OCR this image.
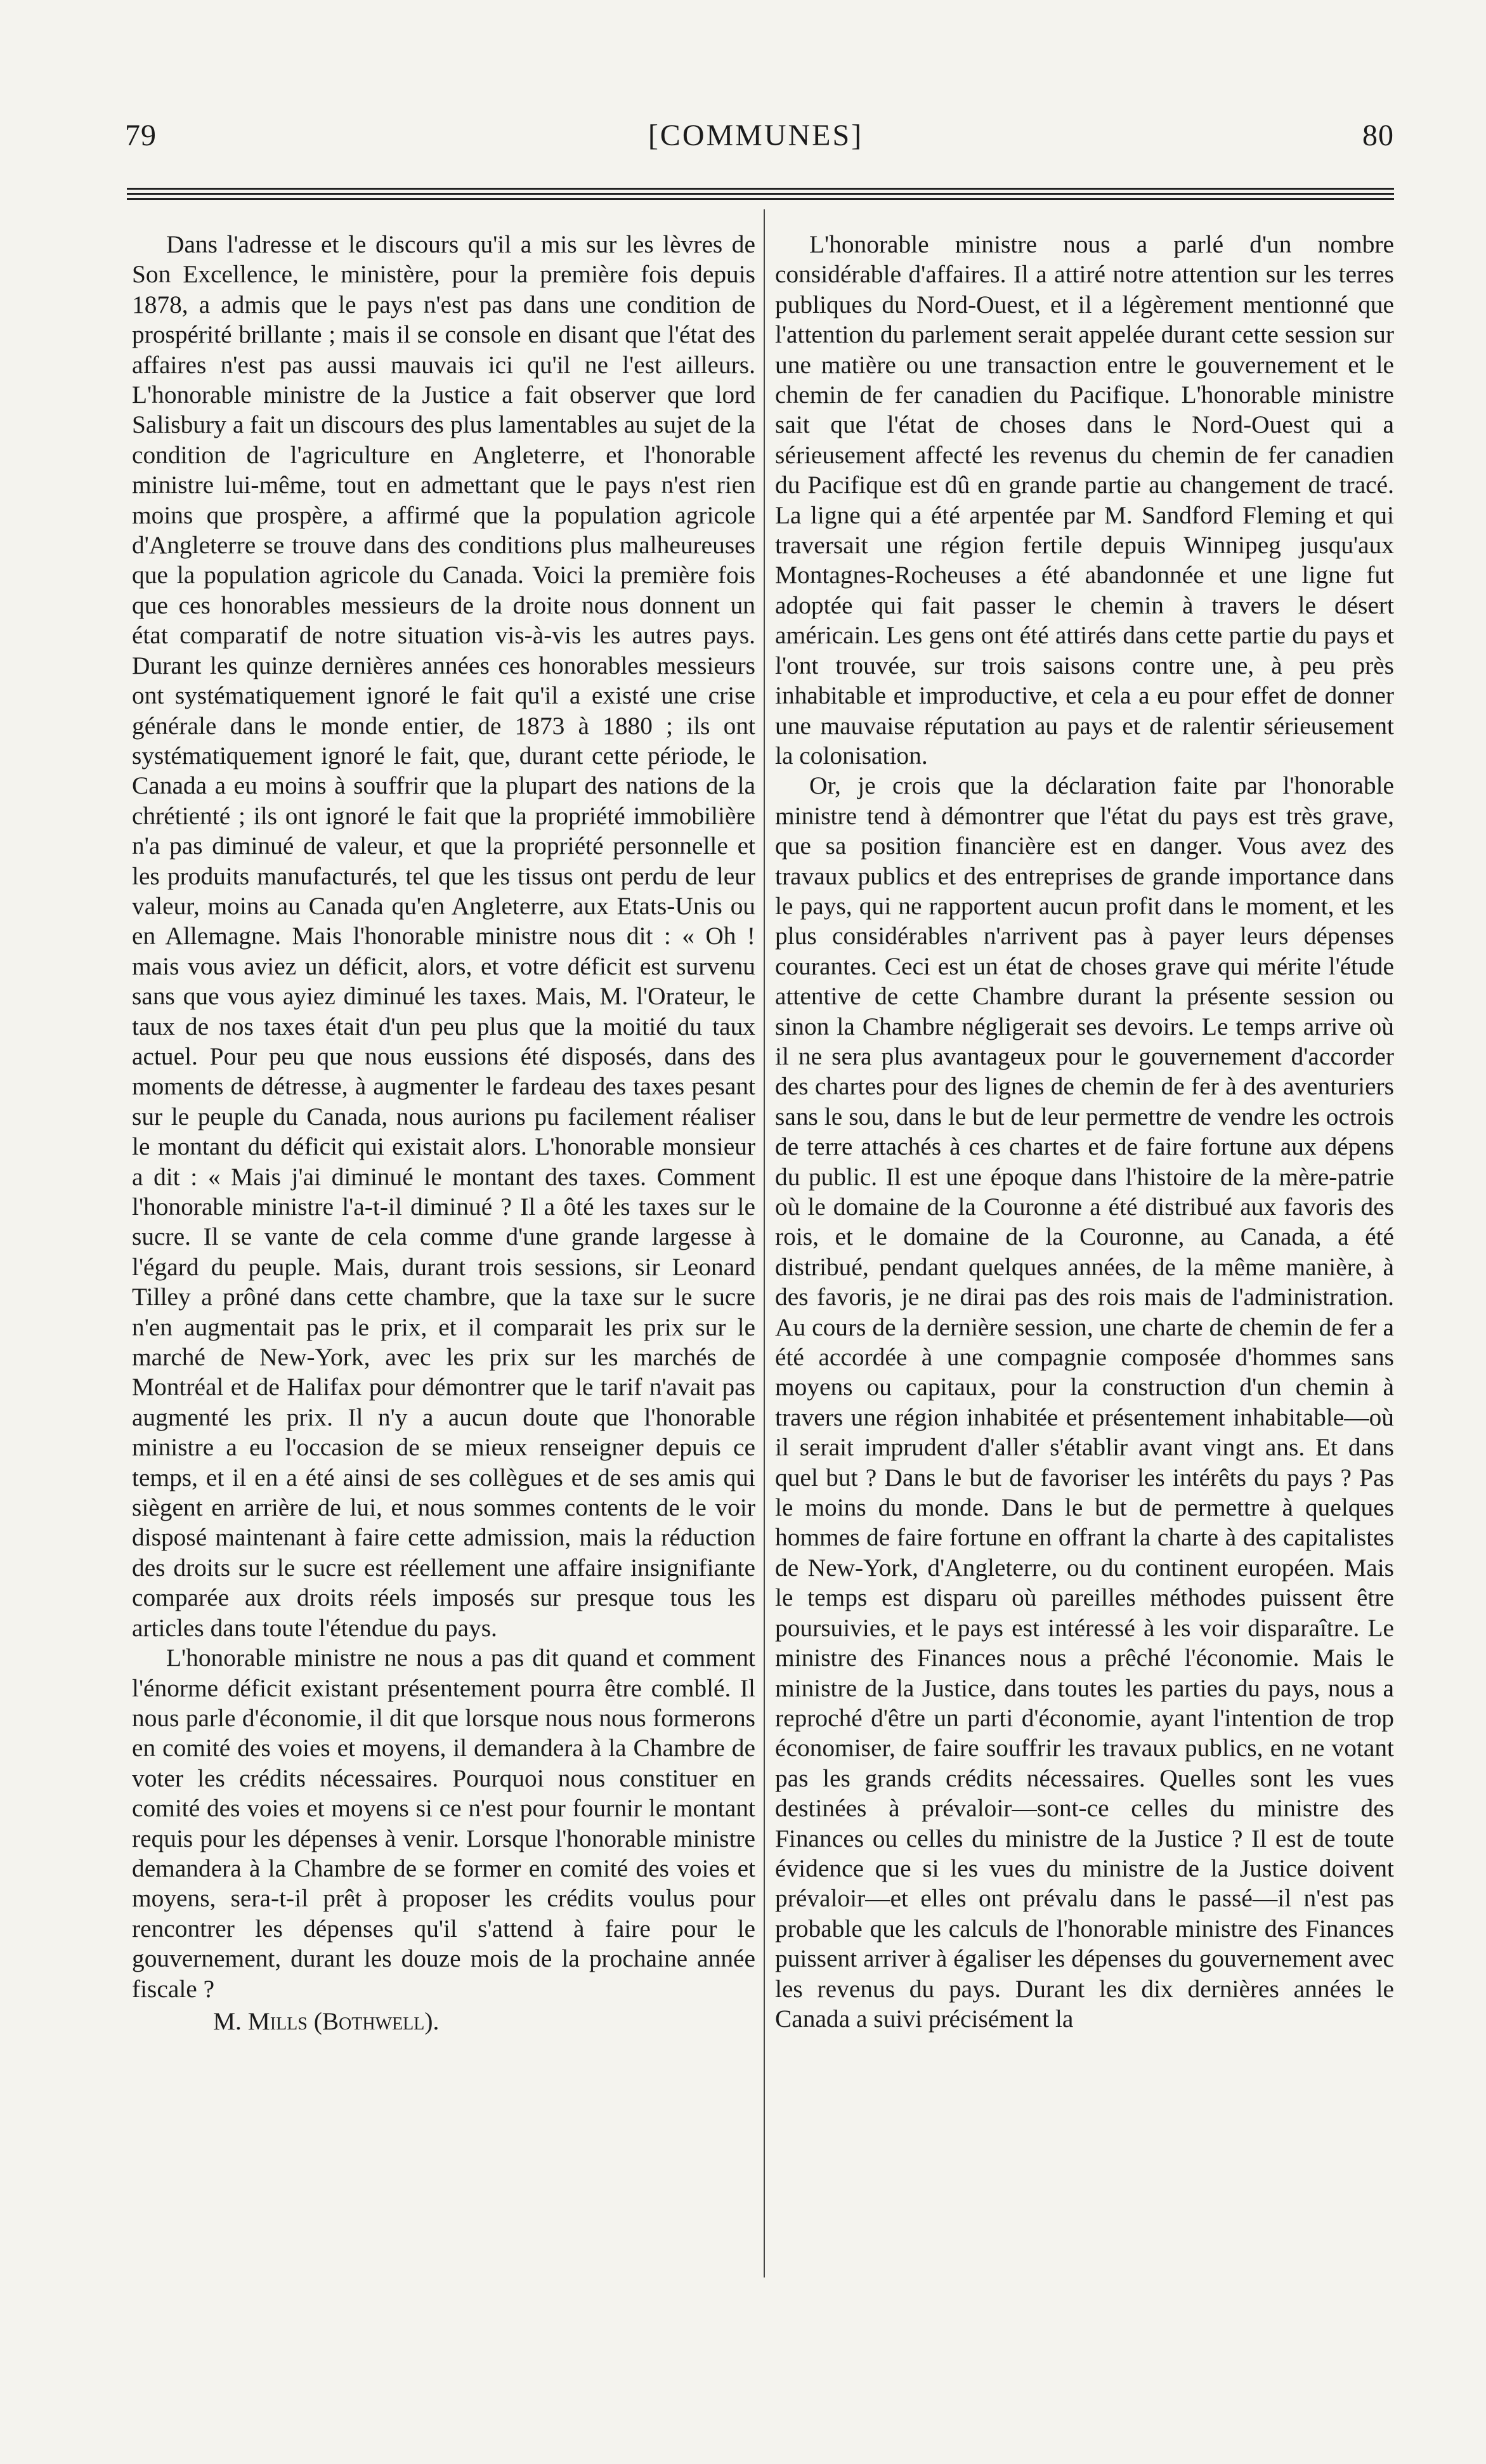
79	[COMMUNES]	80

Dans l'adresse et le discours qu'il a mis sur les lèvres de Son Excellence, le ministère, pour la première fois depuis 1878, a admis que le pays n'est pas dans une condition de prospérité brillante ; mais il se console en disant que l'état des affaires n'est pas aussi mauvais ici qu'il ne l'est ailleurs. L'honorable ministre de la Justice a fait observer que lord Salisbury a fait un discours des plus lamentables au sujet de la condition de l'agriculture en Angleterre, et l'honorable ministre lui-même, tout en admettant que le pays n'est rien moins que prospère, a affirmé que la population agricole d'Angleterre se trouve dans des conditions plus malheureuses que la population agricole du Canada. Voici la première fois que ces honorables messieurs de la droite nous donnent un état comparatif de notre situation vis-à-vis les autres pays. Durant les quinze dernières années ces honorables messieurs ont systématiquement ignoré le fait qu'il a existé une crise générale dans le monde entier, de 1873 à 1880 ; ils ont systématiquement ignoré le fait, que, durant cette période, le Canada a eu moins à souffrir que la plupart des nations de la chrétienté ; ils ont ignoré le fait que la propriété immobilière n'a pas diminué de valeur, et que la propriété personnelle et les produits manufacturés, tel que les tissus ont perdu de leur valeur, moins au Canada qu'en Angleterre, aux Etats-Unis ou en Allemagne. Mais l'honorable ministre nous dit : « Oh ! mais vous aviez un déficit, alors, et votre déficit est survenu sans que vous ayiez diminué les taxes. Mais, M. l'Orateur, le taux de nos taxes était d'un peu plus que la moitié du taux actuel. Pour peu que nous eussions été disposés, dans des moments de détresse, à augmenter le fardeau des taxes pesant sur le peuple du Canada, nous aurions pu facilement réaliser le montant du déficit qui existait alors. L'honorable monsieur a dit : « Mais j'ai diminué le montant des taxes. Comment l'honorable ministre l'a-t-il diminué ? Il a ôté les taxes sur le sucre. Il se vante de cela comme d'une grande largesse à l'égard du peuple. Mais, durant trois sessions, sir Leonard Tilley a prôné dans cette chambre, que la taxe sur le sucre n'en augmentait pas le prix, et il comparait les prix sur le marché de New-York, avec les prix sur les marchés de Montréal et de Halifax pour démontrer que le tarif n'avait pas augmenté les prix. Il n'y a aucun doute que l'honorable ministre a eu l'occasion de se mieux renseigner depuis ce temps, et il en a été ainsi de ses collègues et de ses amis qui siègent en arrière de lui, et nous sommes contents de le voir disposé maintenant à faire cette admission, mais la réduction des droits sur le sucre est réellement une affaire insignifiante comparée aux droits réels imposés sur presque tous les articles dans toute l'étendue du pays.

L'honorable ministre ne nous a pas dit quand et comment l'énorme déficit existant présentement pourra être comblé. Il nous parle d'économie, il dit que lorsque nous nous formerons en comité des voies et moyens, il demandera à la Chambre de voter les crédits nécessaires. Pourquoi nous constituer en comité des voies et moyens si ce n'est pour fournir le montant requis pour les dépenses à venir. Lorsque l'honorable ministre demandera à la Chambre de se former en comité des voies et moyens, sera-t-il prêt à proposer les crédits voulus pour rencontrer les dépenses qu'il s'attend à faire pour le gouvernement, durant les douze mois de la prochaine année fiscale ?

M. Mills (Bothwell).

L'honorable ministre nous a parlé d'un nombre considérable d'affaires. Il a attiré notre attention sur les terres publiques du Nord-Ouest, et il a légèrement mentionné que l'attention du parlement serait appelée durant cette session sur une matière ou une transaction entre le gouvernement et le chemin de fer canadien du Pacifique. L'honorable ministre sait que l'état de choses dans le Nord-Ouest qui a sérieusement affecté les revenus du chemin de fer canadien du Pacifique est dû en grande partie au changement de tracé. La ligne qui a été arpentée par M. Sandford Fleming et qui traversait une région fertile depuis Winnipeg jusqu'aux Montagnes-Rocheuses a été abandonnée et une ligne fut adoptée qui fait passer le chemin à travers le désert américain. Les gens ont été attirés dans cette partie du pays et l'ont trouvée, sur trois saisons contre une, à peu près inhabitable et improductive, et cela a eu pour effet de donner une mauvaise réputation au pays et de ralentir sérieusement la colonisation.

Or, je crois que la déclaration faite par l'honorable ministre tend à démontrer que l'état du pays est très grave, que sa position financière est en danger. Vous avez des travaux publics et des entreprises de grande importance dans le pays, qui ne rapportent aucun profit dans le moment, et les plus considérables n'arrivent pas à payer leurs dépenses courantes. Ceci est un état de choses grave qui mérite l'étude attentive de cette Chambre durant la présente session ou sinon la Chambre négligerait ses devoirs. Le temps arrive où il ne sera plus avantageux pour le gouvernement d'accorder des chartes pour des lignes de chemin de fer à des aventuriers sans le sou, dans le but de leur permettre de vendre les octrois de terre attachés à ces chartes et de faire fortune aux dépens du public. Il est une époque dans l'histoire de la mère-patrie où le domaine de la Couronne a été distribué aux favoris des rois, et le domaine de la Couronne, au Canada, a été distribué, pendant quelques années, de la même manière, à des favoris, je ne dirai pas des rois mais de l'administration. Au cours de la dernière session, une charte de chemin de fer a été accordée à une compagnie composée d'hommes sans moyens ou capitaux, pour la construction d'un chemin à travers une région inhabitée et présentement inhabitable—où il serait imprudent d'aller s'établir avant vingt ans. Et dans quel but ? Dans le but de favoriser les intérêts du pays ? Pas le moins du monde. Dans le but de permettre à quelques hommes de faire fortune en offrant la charte à des capitalistes de New-York, d'Angleterre, ou du continent européen. Mais le temps est disparu où pareilles méthodes puissent être poursuivies, et le pays est intéressé à les voir disparaître. Le ministre des Finances nous a prêché l'économie. Mais le ministre de la Justice, dans toutes les parties du pays, nous a reproché d'être un parti d'économie, ayant l'intention de trop économiser, de faire souffrir les travaux publics, en ne votant pas les grands crédits nécessaires. Quelles sont les vues destinées à prévaloir—sont-ce celles du ministre des Finances ou celles du ministre de la Justice ? Il est de toute évidence que si les vues du ministre de la Justice doivent prévaloir—et elles ont prévalu dans le passé—il n'est pas probable que les calculs de l'honorable ministre des Finances puissent arriver à égaliser les dépenses du gouvernement avec les revenus du pays. Durant les dix dernières années le Canada a suivi précisément la
